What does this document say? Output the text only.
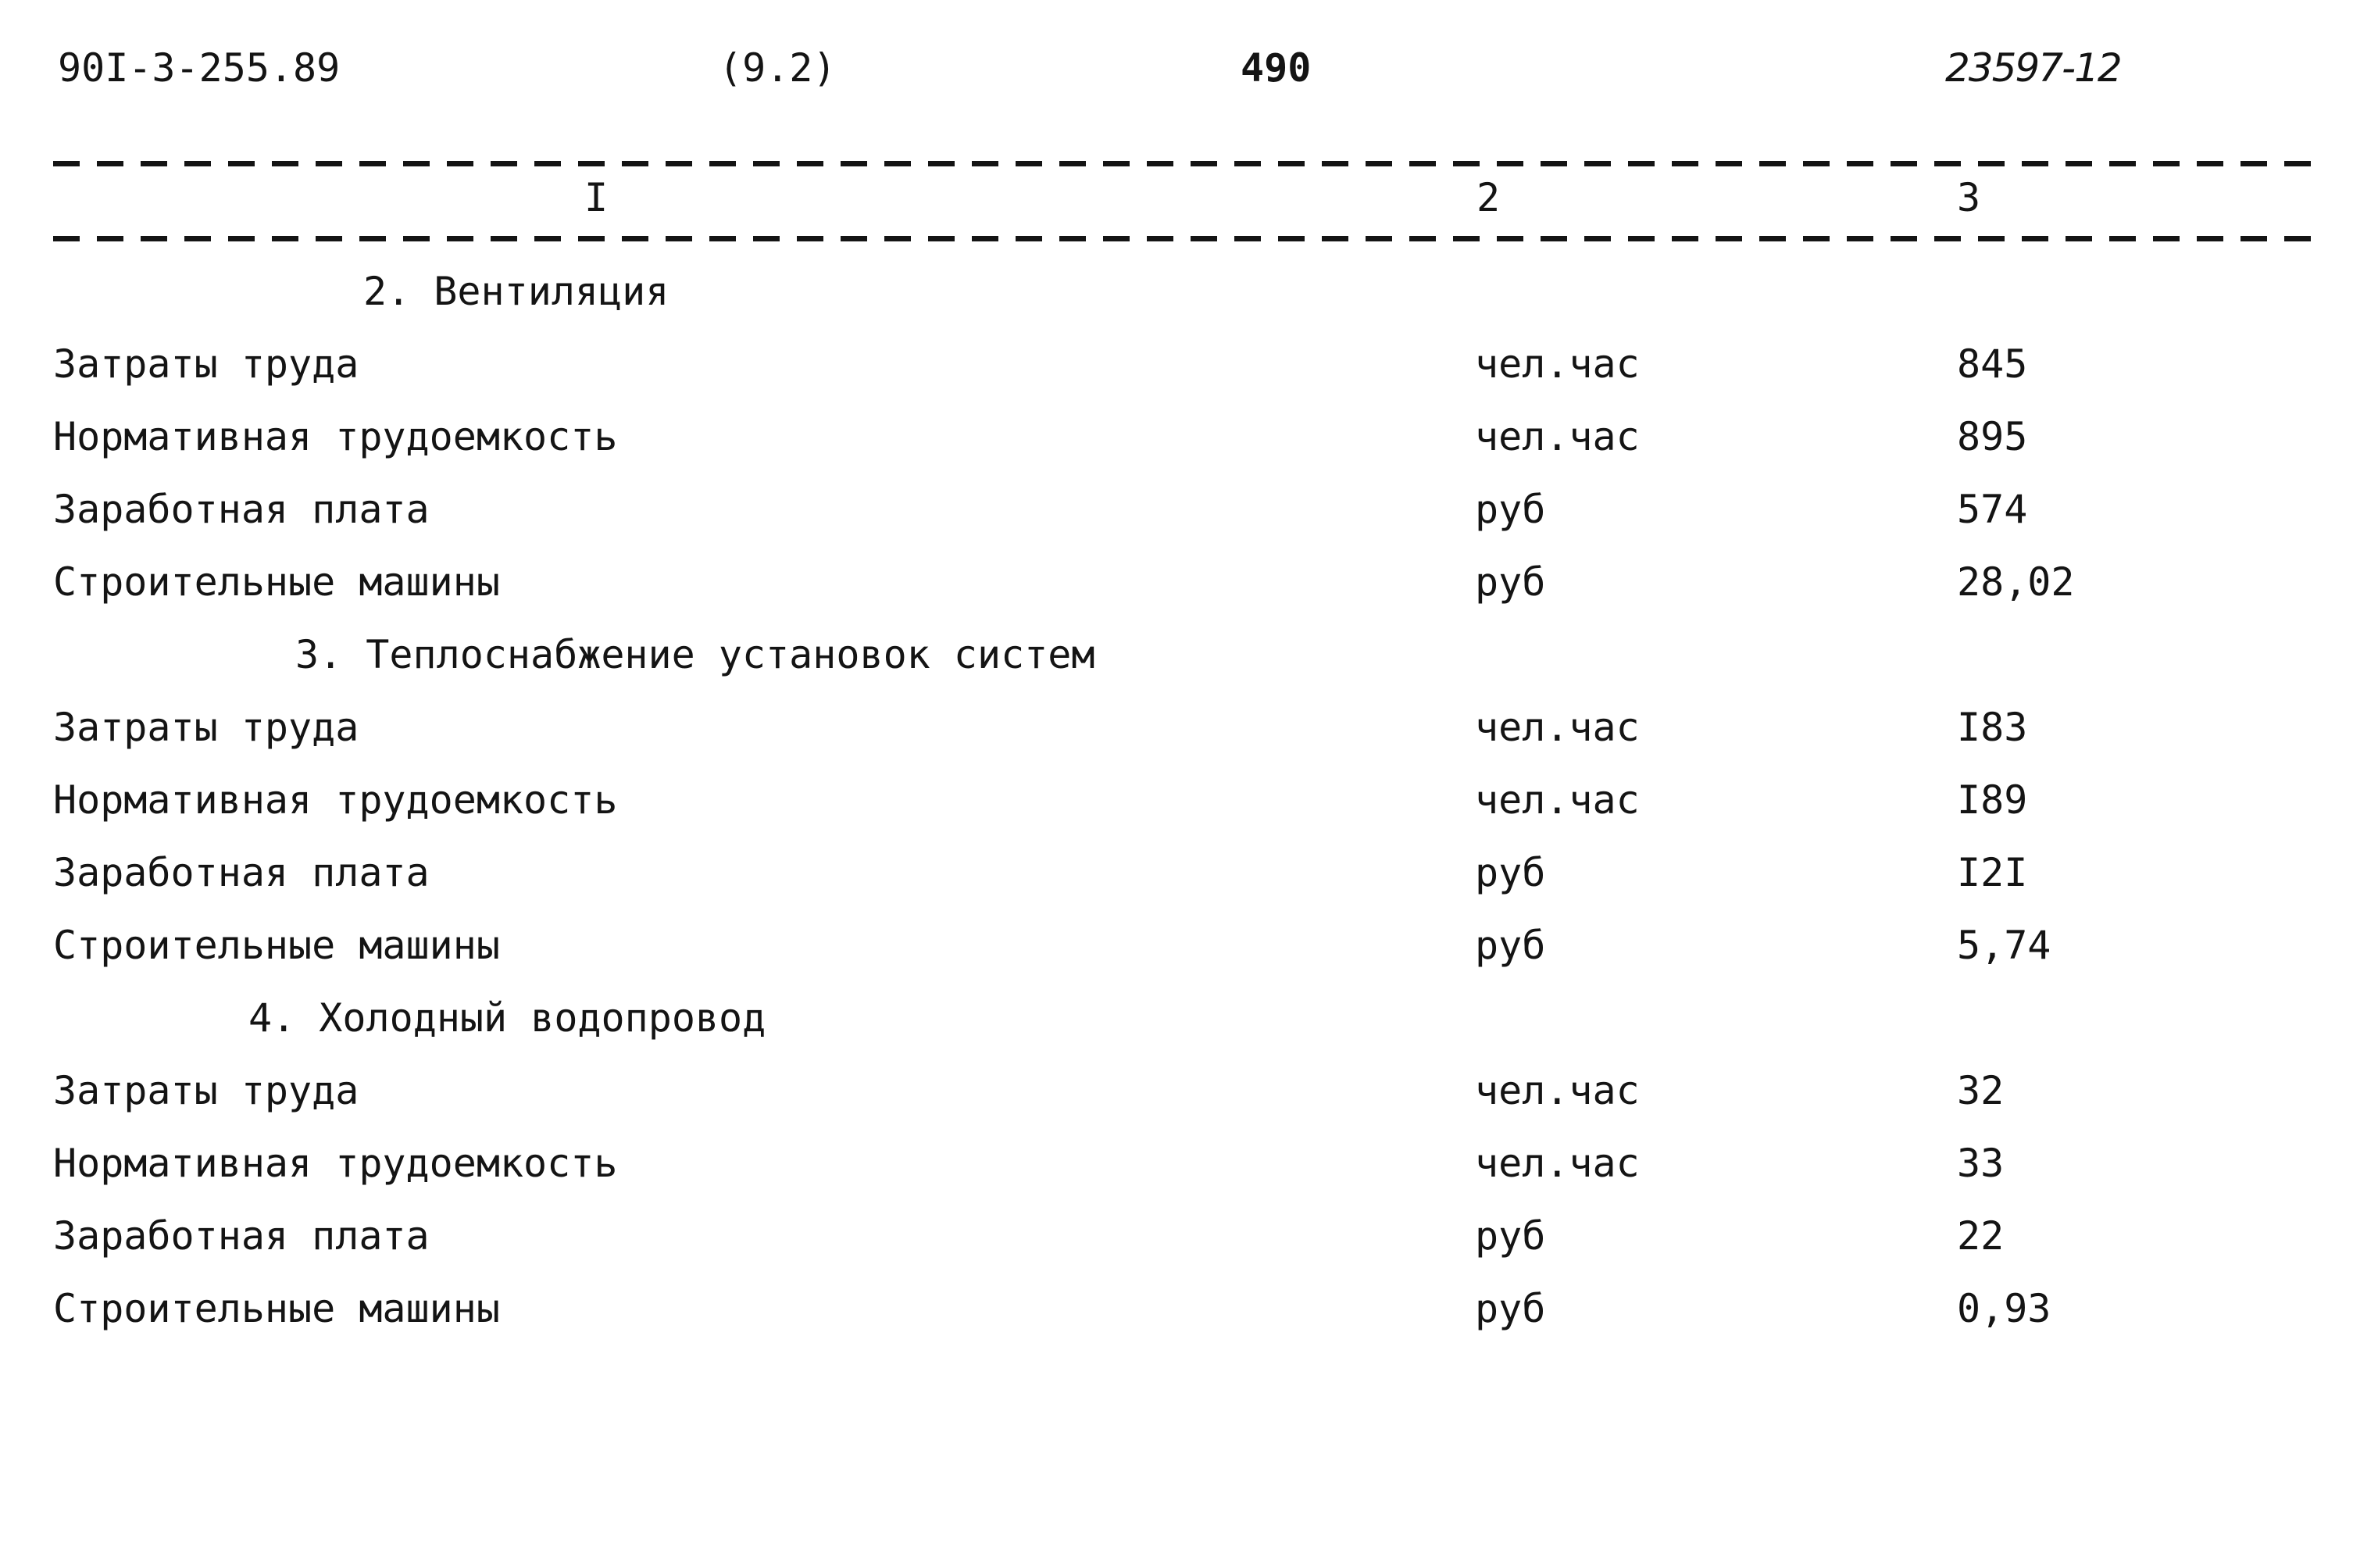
90I-3-255.89	(9.2)	490	23597-12
I	2	3
2. Вентиляция
Затраты труда	чел.час	845
Нормативная трудоемкость	чел.час	895
Заработная плата	руб	574
Строительные машины	руб	28,02
3. Теплоснабжение установок систем
Затраты труда	чел.час	I83
Нормативная трудоемкость	чел.час	I89
Заработная плата	руб	I2I
Строительные машины	руб	5,74
4. Холодный водопровод
Затраты труда	чел.час	32
Нормативная трудоемкость	чел.час	33
Заработная плата	руб	22
Строительные машины	руб	0,93
